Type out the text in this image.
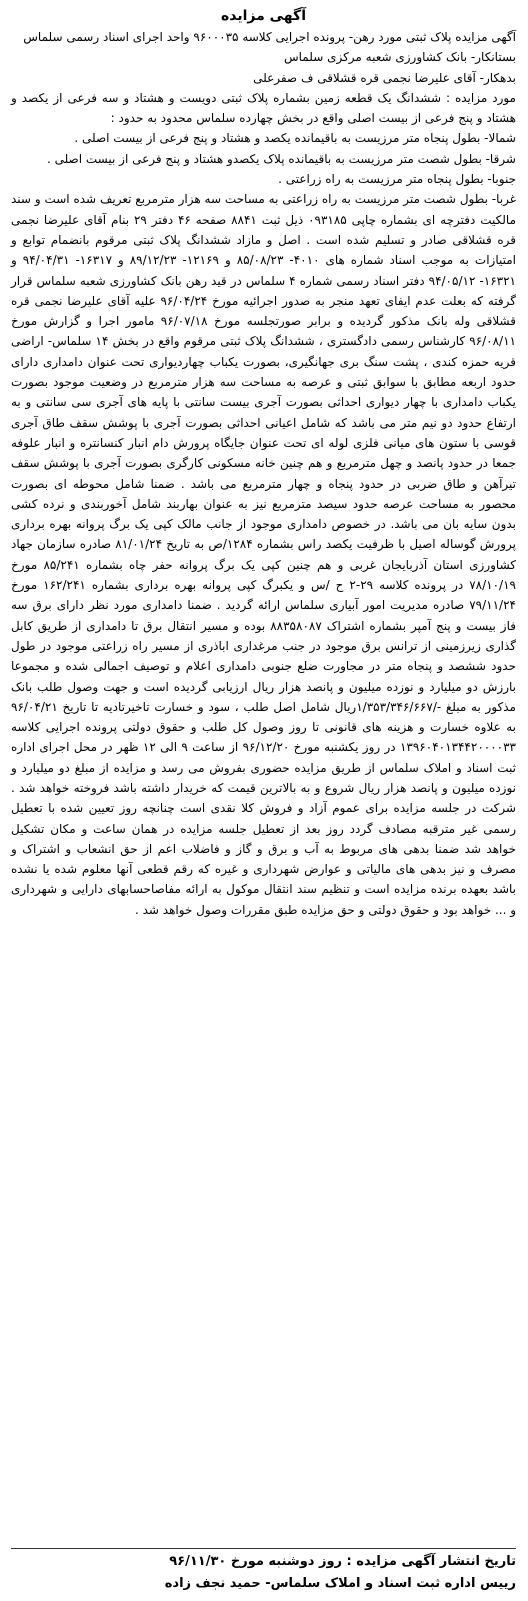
آگهی مزایده

آگهی مزایده پلاک ثبتی مورد رهن- پرونده اجرایی کلاسه ۹۶۰۰۰۳۵ واحد اجرای اسناد رسمی سلماس

بستانکار- بانک کشاورزی شعبه مرکزی سلماس

بدهکار- آقای علیرضا نجمی قره قشلاقی ف صفرعلی

مورد مزایده : ششدانگ یک قطعه زمین بشماره پلاک ثبتی دویست و هشتاد و سه فرعی از یکصد و هشتاد و پنج فرعی از بیست اصلی واقع در بخش چهارده سلماس محدود به حدود :

شمالا- بطول پنجاه متر مرزیست به باقیمانده یکصد و هشتاد و پنج فرعی از بیست اصلی .

شرقا- بطول شصت متر مرزیست به باقیمانده پلاک یکصدو هشتاد و پنج فرعی از بیست اصلی .

جنوبا- بطول پنجاه متر مرزیست به راه زراعتی .

غربا- بطول شصت متر مرزیست به راه زراعتی به مساحت سه هزار مترمربع تعریف شده است و سند مالکیت دفترچه ای بشماره چاپی ۰۹۳۱۸۵ ذیل ثبت ۸۸۴۱ صفحه ۴۶ دفتر ۲۹ بنام آقای علیرضا نجمی قره قشلاقی صادر و تسلیم شده است . اصل و مازاد ششدانگ پلاک ثبتی مرقوم بانضمام توابع و امتیازات به موجب اسناد شماره های ۴۰۱۰- ۸۵/۰۸/۲۳ و ۱۲۱۶۹- ۸۹/۱۲/۲۳ و ۱۶۳۱۷- ۹۴/۰۴/۳۱ و ۱۶۳۲۱- ۹۴/۰۵/۱۲ دفتر اسناد رسمی شماره ۴ سلماس در قید رهن بانک کشاورزی شعبه سلماس قرار گرفته که بعلت عدم ایفای تعهد منجر به صدور اجرائیه مورخ ۹۶/۰۴/۲۴ علیه آقای علیرضا نجمی قره قشلاقی وله بانک مذکور گردیده و برابر صورتجلسه مورخ ۹۶/۰۷/۱۸ مامور اجرا و گزارش مورخ ۹۶/۰۸/۱۱ کارشناس رسمی دادگستری ، ششدانگ پلاک ثبتی مرقوم واقع در بخش ۱۴ سلماس- اراضی قریه حمزه کندی ، پشت سنگ بری جهانگیری، بصورت یکباب چهاردیواری تحت عنوان دامداری دارای حدود اربعه مطابق با سوابق ثبتی و عرصه به مساحت سه هزار مترمربع در وضعیت موجود بصورت یکباب دامداری با چهار دیواری احداثی بصورت آجری بیست سانتی با پایه های آجری سی سانتی و به ارتفاع حدود دو نیم متر می باشد که شامل اعیانی احداثی بصورت آجری با پوشش سقف طاق آجری قوسی با ستون های میانی فلزی لوله ای تحت عنوان جایگاه پرورش دام انبار کنسانتره و انبار علوفه جمعا در حدود پانصد و چهل مترمربع و هم چنین خانه مسکونی کارگری بصورت آجری با پوشش سقف تیرآهن و طاق ضربی در حدود پنجاه و چهار مترمربع می باشد . ضمنا شامل محوطه ای بصورت محصور به مساحت عرصه حدود سیصد مترمربع نیز به عنوان بهاربند شامل آخوربندی و نرده کشی بدون سایه بان می باشد. در خصوص دامداری موجود از جانب مالک کپی یک برگ پروانه بهره برداری پرورش گوساله اصیل با ظرفیت یکصد راس بشماره ۱۲۸۴/ص به تاریخ ۸۱/۰۱/۲۴ صادره سازمان جهاد کشاورزی استان آذربایجان غربی و هم چنین کپی یک برگ پروانه حفر چاه بشماره ۸۵/۲۴۱ مورخ ۷۸/۱۰/۱۹ در پرونده کلاسه ۲۹-۲ ح /س و یکبرگ کپی پروانه بهره برداری بشماره ۱۶۲/۲۴۱ مورخ ۷۹/۱۱/۲۴ صادره مدیریت امور آبیاری سلماس ارائه گردید . ضمنا دامداری مورد نظر دارای برق سه فاز بیست و پنج آمپر بشماره اشتراک ۸۸۳۵۸۰۸۷ بوده و مسیر انتقال برق تا دامداری از طریق کابل گذاری زیرزمینی از ترانس برق موجود در جنب مرغداری اباذری از مسیر راه زراعتی موجود در طول حدود ششصد و پنجاه متر در مجاورت ضلع جنوبی دامداری اعلام و توصیف اجمالی شده و مجموعا بارزش دو میلیارد و نوزده میلیون و پانصد هزار ریال ارزیابی گردیده است و جهت وصول طلب بانک مذکور به مبلغ -/۱/۳۵۳/۳۴۶/۶۶۷ریال شامل اصل طلب ، سود و خسارت تاخیرتادیه تا تاریخ ۹۶/۰۴/۲۱ به علاوه خسارت و هزینه های قانونی تا روز وصول کل طلب و حقوق دولتی پرونده اجرایی کلاسه ۱۳۹۶۰۴۰۱۳۴۴۲۰۰۰۰۳۳ در روز یکشنبه مورخ ۹۶/۱۲/۲۰ از ساعت ۹ الی ۱۲ ظهر در محل اجرای اداره ثبت اسناد و املاک سلماس از طریق مزایده حضوری بفروش می رسد و مزایده از مبلغ دو میلیارد و نوزده میلیون و پانصد هزار ریال شروع و به بالاترین قیمت که خریدار داشته باشد فروخته خواهد شد . شرکت در جلسه مزایده برای عموم آزاد و فروش کلا نقدی است چنانچه روز تعیین شده با تعطیل رسمی غیر مترقبه مصادف گردد روز بعد از تعطیل جلسه مزایده در همان ساعت و مکان تشکیل خواهد شد ضمنا بدهی های مربوط به آب و برق و گاز و فاضلاب اعم از حق انشعاب و اشتراک و مصرف و نیز بدهی های مالیاتی و عوارض شهرداری و غیره که رقم قطعی آنها معلوم شده یا نشده باشد بعهده برنده مزایده است و تنظیم سند انتقال موکول به ارائه مفاصاحسابهای دارایی و شهرداری و ... خواهد بود و حقوق دولتی و حق مزایده طبق مقررات وصول خواهد شد .

تاریخ انتشار آگهی مزایده : روز دوشنبه مورخ ۹۶/۱۱/۳۰

رییس اداره ثبت اسناد و املاک سلماس- حمید نجف زاده
